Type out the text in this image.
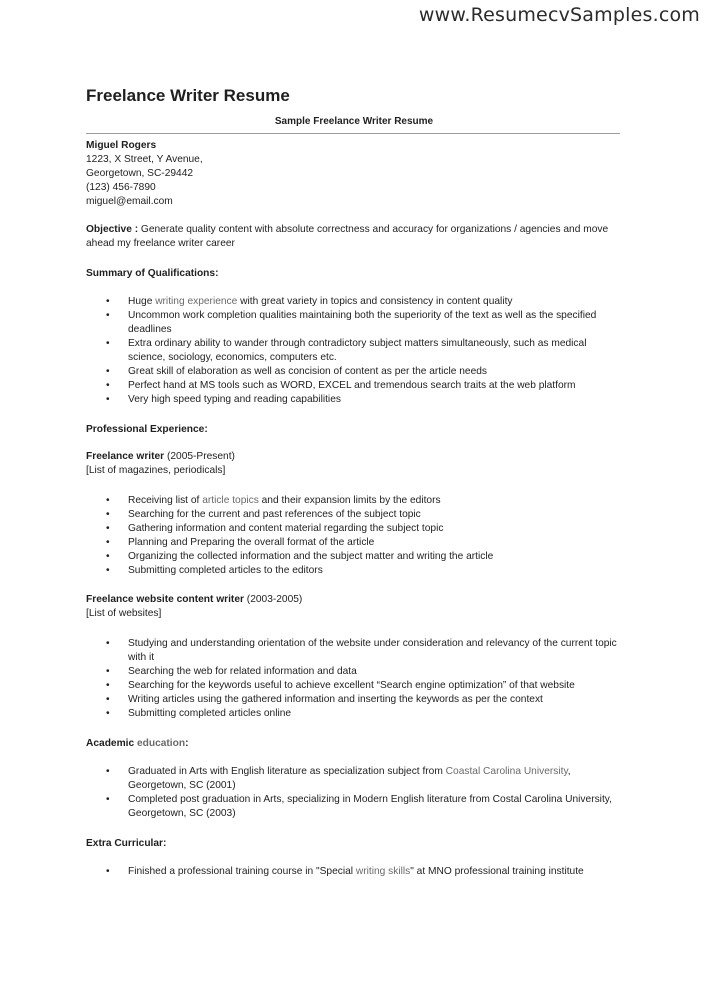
www.ResumecvSamples.com
Freelance Writer Resume
Sample Freelance Writer Resume
Miguel Rogers
1223, X Street, Y Avenue,
Georgetown, SC-29442
(123) 456-7890
miguel@email.com
Objective : Generate quality content with absolute correctness and accuracy for organizations / agencies and move ahead my freelance writer career
Summary of Qualifications:
• Huge writing experience with great variety in topics and consistency in content quality
• Uncommon work completion qualities maintaining both the superiority of the text as well as the specified deadlines
• Extra ordinary ability to wander through contradictory subject matters simultaneously, such as medical science, sociology, economics, computers etc.
• Great skill of elaboration as well as concision of content as per the article needs
• Perfect hand at MS tools such as WORD, EXCEL and tremendous search traits at the web platform
• Very high speed typing and reading capabilities
Professional Experience:
Freelance writer (2005-Present)
[List of magazines, periodicals]
• Receiving list of article topics and their expansion limits by the editors
• Searching for the current and past references of the subject topic
• Gathering information and content material regarding the subject topic
• Planning and Preparing the overall format of the article
• Organizing the collected information and the subject matter and writing the article
• Submitting completed articles to the editors
Freelance website content writer (2003-2005)
[List of websites]
• Studying and understanding orientation of the website under consideration and relevancy of the current topic with it
• Searching the web for related information and data
• Searching for the keywords useful to achieve excellent “Search engine optimization” of that website
• Writing articles using the gathered information and inserting the keywords as per the context
• Submitting completed articles online
Academic education:
• Graduated in Arts with English literature as specialization subject from Coastal Carolina University, Georgetown, SC (2001)
• Completed post graduation in Arts, specializing in Modern English literature from Costal Carolina University, Georgetown, SC (2003)
Extra Curricular:
• Finished a professional training course in "Special writing skills" at MNO professional training institute
